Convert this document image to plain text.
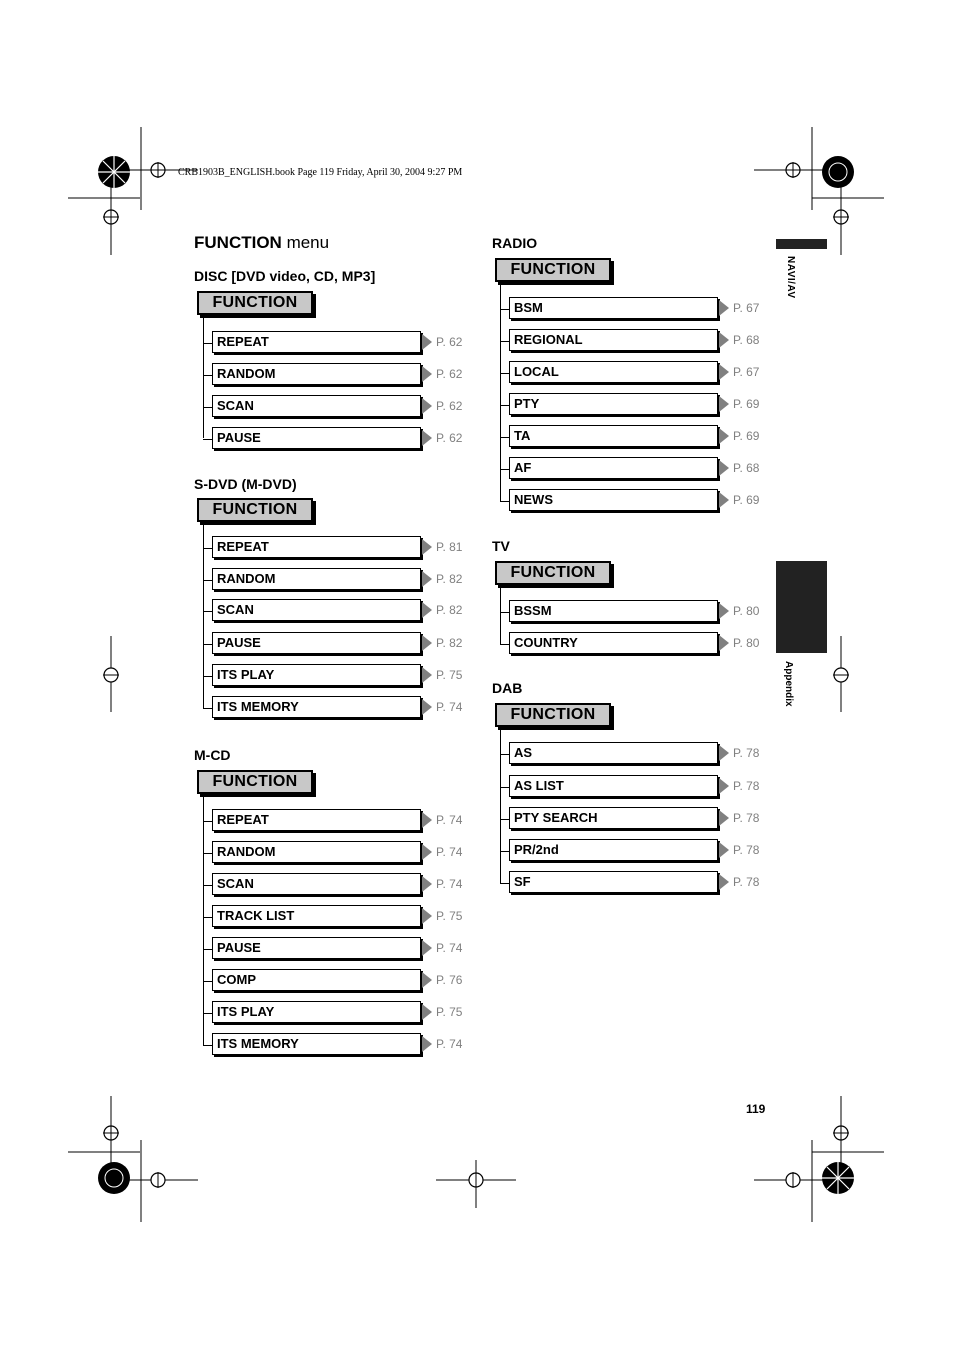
CRB1903B_ENGLISH.book Page 119 Friday, April 30, 2004 9:27 PM
FUNCTION menu
DISC [DVD video, CD, MP3]
FUNCTION
REPEAT	P. 62
RANDOM	P. 62
SCAN	P. 62
PAUSE	P. 62
S-DVD (M-DVD)
FUNCTION
REPEAT	P. 81
RANDOM	P. 82
SCAN	P. 82
PAUSE	P. 82
ITS PLAY	P. 75
ITS MEMORY	P. 74
M-CD
FUNCTION
REPEAT	P. 74
RANDOM	P. 74
SCAN	P. 74
TRACK LIST	P. 75
PAUSE	P. 74
COMP	P. 76
ITS PLAY	P. 75
ITS MEMORY	P. 74
RADIO
FUNCTION
BSM	P. 67
REGIONAL	P. 68
LOCAL	P. 67
PTY	P. 69
TA	P. 69
AF	P. 68
NEWS	P. 69
TV
FUNCTION
BSSM	P. 80
COUNTRY	P. 80
DAB
FUNCTION
AS	P. 78
AS LIST	P. 78
PTY SEARCH	P. 78
PR/2nd	P. 78
SF	P. 78
NAVI/AV
Appendix
119
